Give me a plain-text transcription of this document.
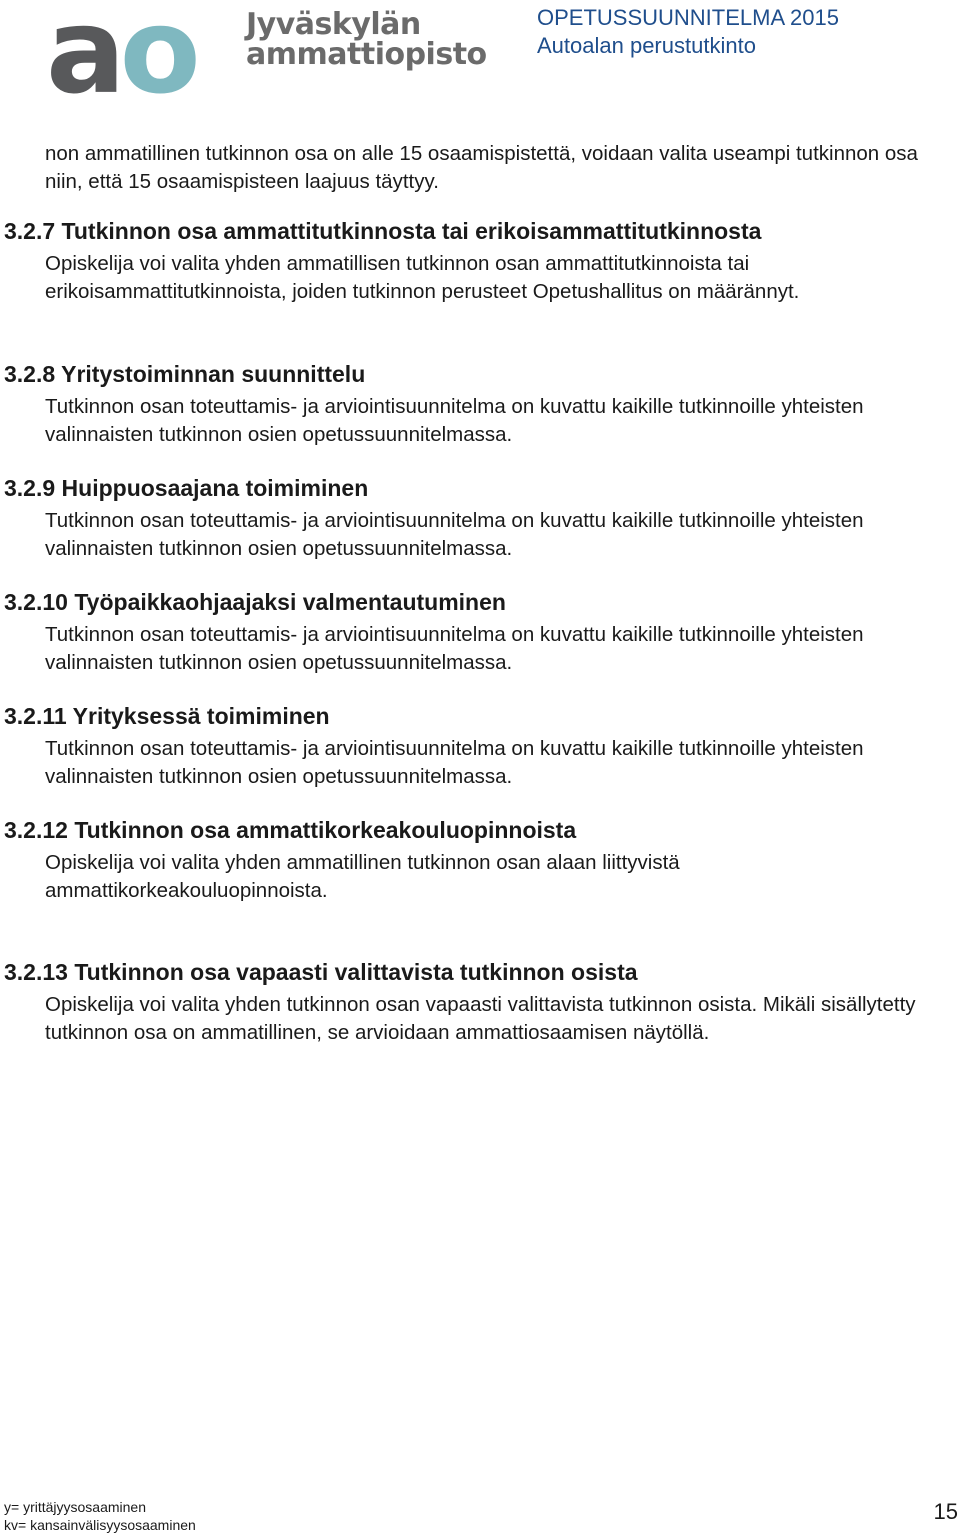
ao Jyväskylän
ammattiopisto
OPETUSSUUNNITELMA 2015
Autoalan perustutkinto
non ammatillinen tutkinnon osa on alle 15 osaamispistettä, voidaan valita useampi tutkinnon osa niin, että 15 osaamispisteen laajuus täyttyy.
3.2.7 Tutkinnon osa ammattitutkinnosta tai erikoisammattitutkinnosta

Opiskelija voi valita yhden ammatillisen tutkinnon osan ammattitutkinnoista tai erikoisammattitutkinnoista, joiden tutkinnon perusteet Opetushallitus on määrännyt.

3.2.8 Yritystoiminnan suunnittelu

Tutkinnon osan toteuttamis- ja arviointisuunnitelma on kuvattu kaikille tutkinnoille yhteisten valinnaisten tutkinnon osien opetussuunnitelmassa.

3.2.9 Huippuosaajana toimiminen

Tutkinnon osan toteuttamis- ja arviointisuunnitelma on kuvattu kaikille tutkinnoille yhteisten valinnaisten tutkinnon osien opetussuunnitelmassa.

3.2.10 Työpaikkaohjaajaksi valmentautuminen

Tutkinnon osan toteuttamis- ja arviointisuunnitelma on kuvattu kaikille tutkinnoille yhteisten valinnaisten tutkinnon osien opetussuunnitelmassa.

3.2.11 Yrityksessä toimiminen

Tutkinnon osan toteuttamis- ja arviointisuunnitelma on kuvattu kaikille tutkinnoille yhteisten valinnaisten tutkinnon osien opetussuunnitelmassa.

3.2.12 Tutkinnon osa ammattikorkeakouluopinnoista

Opiskelija voi valita yhden ammatillinen tutkinnon osan alaan liittyvistä ammattikorkeakouluopinnoista.

3.2.13 Tutkinnon osa vapaasti valittavista tutkinnon osista

Opiskelija voi valita yhden tutkinnon osan vapaasti valittavista tutkinnon osista. Mikäli sisällytetty tutkinnon osa on ammatillinen, se arvioidaan ammattiosaamisen näytöllä.

y= yrittäjyysosaaminen
kv= kansainvälisyysosaaminen
15
